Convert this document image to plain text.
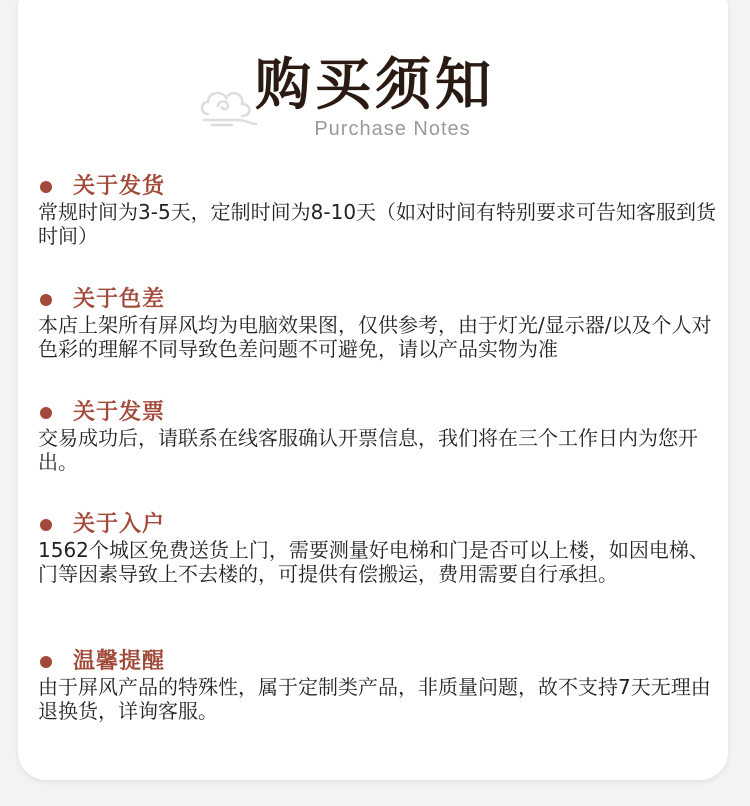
购买须知
Purchase Notes
关于发货
常规时间为3-5天，定制时间为8-10天（如对时间有特别要求可告知客服到货时间）
关于色差
本店上架所有屏风均为电脑效果图，仅供参考，由于灯光/显示器/以及个人对色彩的理解不同导致色差问题不可避免，请以产品实物为准
关于发票
交易成功后，请联系在线客服确认开票信息，我们将在三个工作日内为您开出。
关于入户
1562个城区免费送货上门，需要测量好电梯和门是否可以上楼，如因电梯、门等因素导致上不去楼的，可提供有偿搬运，费用需要自行承担。
温馨提醒
由于屏风产品的特殊性，属于定制类产品，非质量问题，故不支持7天无理由退换货，详询客服。
